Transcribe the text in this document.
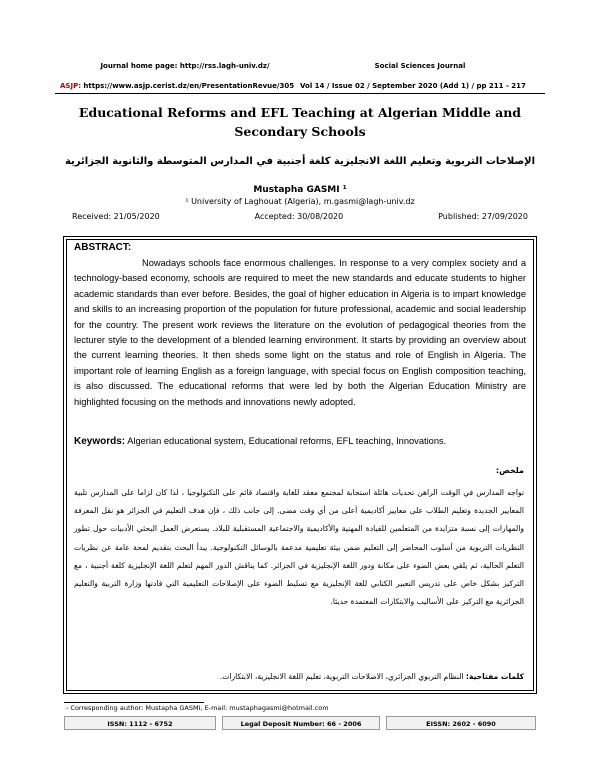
Journal home page: http://rss.lagh-univ.dz/
ASJP: https://www.asjp.cerist.dz/en/PresentationRevue/305
Social Sciences Journal
Vol 14 / Issue 02 / September 2020 (Add 1) / pp 211 - 217
Educational Reforms and EFL Teaching at Algerian Middle and Secondary Schools
الإصلاحات التربوية وتعليم اللغة الانجليزية كلغة أجنبية في المدارس المتوسطة والثانوية الجزائرية
Mustapha GASMI ¹
¹ University of Laghouat (Algeria), m.gasmi@lagh-univ.dz
Received: 21/05/2020	Accepted: 30/08/2020	Published: 27/09/2020
ABSTRACT:
Nowadays schools face enormous challenges. In response to a very complex society and a technology-based economy, schools are required to meet the new standards and educate students to higher academic standards than ever before. Besides, the goal of higher education in Algeria is to impart knowledge and skills to an increasing proportion of the population for future professional, academic and social leadership for the country. The present work reviews the literature on the evolution of pedagogical theories from the lecturer style to the development of a blended learning environment. It starts by providing an overview about the current learning theories. It then sheds some light on the status and role of English in Algeria. The important role of learning English as a foreign language, with special focus on English composition teaching, is also discussed. The educational reforms that were led by both the Algerian Education Ministry are highlighted focusing on the methods and innovations newly adopted.
Keywords: Algerian educational system, Educational reforms, EFL teaching, Innovations.
ملخص:
تواجه المدارس في الوقت الراهن تحديات هائلة استجابة لمجتمع معقد للغاية واقتصاد قائم على التكنولوجيا ، لذا كان لزاما على المدارس تلبية المعايير الجديدة وتعليم الطلاب على معايير أكاديمية أعلى من أي وقت مضى. إلى جانب ذلك ، فإن هدف التعليم في الجزائر هو نقل المعرفة والمهارات إلى نسبة متزايدة من المتعلمين للقيادة المهنية والأكاديمية والاجتماعية المستقبلية للبلاد. يستعرض العمل البحثي الأدبيات حول تطور النظريات التربوية من أسلوب المحاضر إلى التعليم ضمن بيئة تعليمية مدعمة بالوسائل التكنولوجية. يبدأ البحث بتقديم لمحة عامة عن نظريات التعلم الحالية، ثم يلقي بعض الضوء على مكانة ودور اللغة الإنجليزية في الجزائر. كما يناقش الدور المهم لتعلم اللغة الإنجليزية كلغة أجنبية ، مع التركيز بشكل خاص على تدريس التعبير الكتابي للغة الإنجليزية مع تسليط الضوء على الإصلاحات التعليمية التي قادتها وزارة التربية والتعليم الجزائرية مع التركيز على الأساليب والابتكارات المعتمدة حديثا.
كلمات مفتاحية: النظام التربوي الجزائري، الاصلاحات التربوية، تعليم اللغة الانجليزية، الابتكارات.
- Corresponding author: Mustapha GASMI, E-mail: mustaphagasmi@hotmail.com
ISSN: 1112 - 6752	Legal Deposit Number: 66 - 2006	EISSN: 2602 - 6090
